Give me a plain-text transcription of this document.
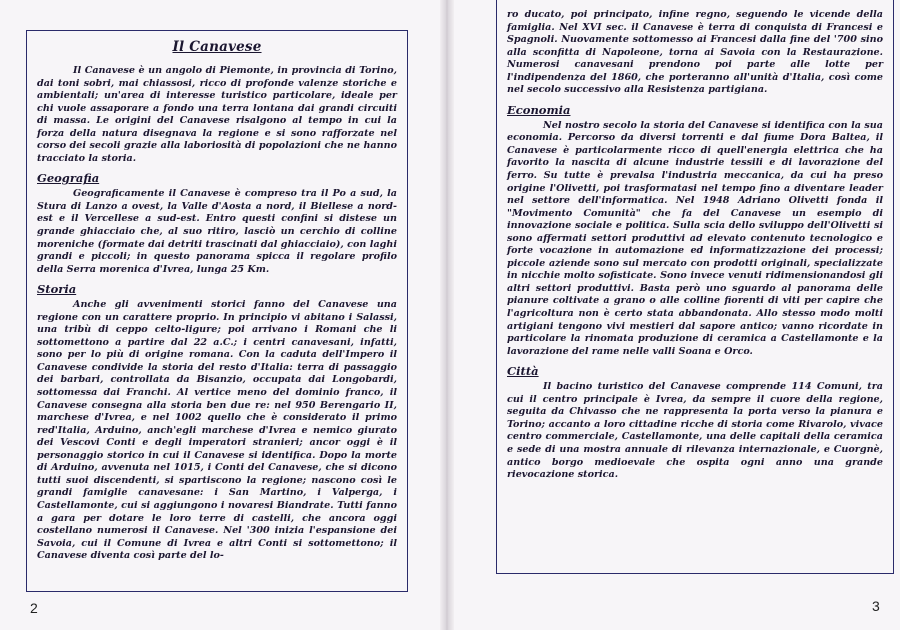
Il Canavese

Il Canavese è un angolo di Piemonte, in provincia di Torino, dai toni sobri, mai chiassosi, ricco di profonde valenze storiche e ambientali; un'area di interesse turistico particolare, ideale per chi vuole assaporare a fondo una terra lontana dai grandi circuiti di massa. Le origini del Canavese risalgono al tempo in cui la forza della natura disegnava la regione e si sono rafforzate nel corso dei secoli grazie alla laboriosità di popolazioni che ne hanno tracciato la storia.

Geografia

Geograficamente il Canavese è compreso tra il Po a sud, la Stura di Lanzo a ovest, la Valle d'Aosta a nord, il Biellese a nord-est e il Vercellese a sud-est. Entro questi confini si distese un grande ghiacciaio che, al suo ritiro, lasciò un cerchio di colline moreniche (formate dai detriti trascinati dal ghiacciaio), con laghi grandi e piccoli; in questo panorama spicca il regolare profilo della Serra morenica d'Ivrea, lunga 25 Km.

Storia

Anche gli avvenimenti storici fanno del Canavese una regione con un carattere proprio. In principio vi abitano i Salassi, una tribù di ceppo celto-ligure; poi arrivano i Romani che li sottomettono a partire dal 22 a.C.; i centri canavesani, infatti, sono per lo più di origine romana. Con la caduta dell'Impero il Canavese condivide la storia del resto d'Italia: terra di passaggio dei barbari, controllata da Bisanzio, occupata dai Longobardi, sottomessa dai Franchi. Al vertice meno del dominio franco, il Canavese consegna alla storia ben due re: nel 950 Berengario II, marchese d'Ivrea, e nel 1002 quello che è considerato il primo red'Italia, Arduino, anch'egli marchese d'Ivrea e nemico giurato dei Vescovi Conti e degli imperatori stranieri; ancor oggi è il personaggio storico in cui il Canavese si identifica. Dopo la morte di Arduino, avvenuta nel 1015, i Conti del Canavese, che si dicono tutti suoi discendenti, si spartiscono la regione; nascono così le grandi famiglie canavesane: i San Martino, i Valperga, i Castellamonte, cui si aggiungono i novaresi Biandrate. Tutti fanno a gara per dotare le loro terre di castelli, che ancora oggi costellano numerosi il Canavese. Nel '300 inizia l'espansione dei Savoia, cui il Comune di Ivrea e altri Conti si sottomettono; il Canavese diventa così parte del lo-

2

ro ducato, poi principato, infine regno, seguendo le vicende della famiglia. Nel XVI sec. il Canavese è terra di conquista di Francesi e Spagnoli. Nuovamente sottomesso ai Francesi dalla fine del '700 sino alla sconfitta di Napoleone, torna ai Savoia con la Restaurazione. Numerosi canavesani prendono poi parte alle lotte per l'indipendenza del 1860, che porteranno all'unità d'Italia, così come nel secolo successivo alla Resistenza partigiana.

Economia

Nel nostro secolo la storia del Canavese si identifica con la sua economia. Percorso da diversi torrenti e dal fiume Dora Baltea, il Canavese è particolarmente ricco di quell'energia elettrica che ha favorito la nascita di alcune industrie tessili e di lavorazione del ferro. Su tutte è prevalsa l'industria meccanica, da cui ha preso origine l'Olivetti, poi trasformatasi nel tempo fino a diventare leader nel settore dell'informatica. Nel 1948 Adriano Olivetti fonda il "Movimento Comunità" che fa del Canavese un esempio di innovazione sociale e politica. Sulla scia dello sviluppo dell'Olivetti si sono affermati settori produttivi ad elevato contenuto tecnologico e forte vocazione in automazione ed informatizzazione dei processi; piccole aziende sono sul mercato con prodotti originali, specializzate in nicchie molto sofisticate. Sono invece venuti ridimensionandosi gli altri settori produttivi. Basta però uno sguardo al panorama delle pianure coltivate a grano o alle colline fiorenti di viti per capire che l'agricoltura non è certo stata abbandonata. Allo stesso modo molti artigiani tengono vivi mestieri dal sapore antico; vanno ricordate in particolare la rinomata produzione di ceramica a Castellamonte e la lavorazione del rame nelle valli Soana e Orco.

Città

Il bacino turistico del Canavese comprende 114 Comuni, tra cui il centro principale è Ivrea, da sempre il cuore della regione, seguita da Chivasso che ne rappresenta la porta verso la pianura e Torino; accanto a loro cittadine ricche di storia come Rivarolo, vivace centro commerciale, Castellamonte, una delle capitali della ceramica e sede di una mostra annuale di rilevanza internazionale, e Cuorgnè, antico borgo medioevale che ospita ogni anno una grande rievocazione storica.

3
